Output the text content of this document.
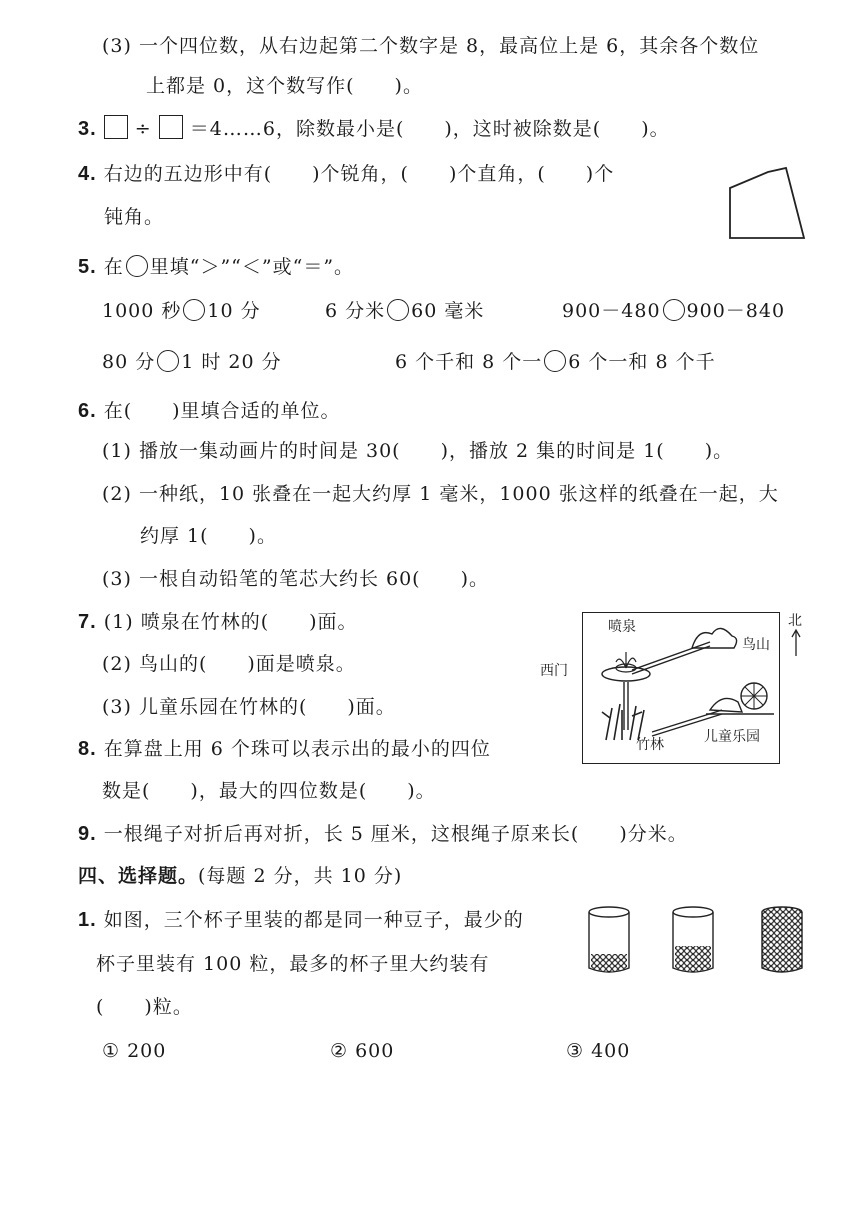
(3) 一个四位数，从右边起第二个数字是 8，最高位上是 6，其余各个数位
上都是 0，这个数写作(　　)。
3. ÷ ＝4……6，除数最小是(　　)，这时被除数是(　　)。
4. 右边的五边形中有(　　)个锐角，(　　)个直角，(　　)个
钝角。
5. 在 里填“＞”“＜”或“＝”。
1000 秒 10 分	6 分米 60 毫米	900－480 900－840
80 分 1 时 20 分	6 个千和 8 个一 6 个一和 8 个千
6. 在(　　)里填合适的单位。
(1) 播放一集动画片的时间是 30(　　)，播放 2 集的时间是 1(　　)。
(2) 一种纸，10 张叠在一起大约厚 1 毫米，1000 张这样的纸叠在一起，大
约厚 1(　　)。
(3) 一根自动铅笔的笔芯大约长 60(　　)。
7. (1) 喷泉在竹林的(　　)面。
(2) 鸟山的(　　)面是喷泉。
(3) 儿童乐园在竹林的(　　)面。
喷泉
鸟山
西门
竹林	儿童乐园
北
8. 在算盘上用 6 个珠可以表示出的最小的四位
数是(　　)，最大的四位数是(　　)。
9. 一根绳子对折后再对折，长 5 厘米，这根绳子原来长(　　)分米。
四、选择题。(每题 2 分，共 10 分)
1. 如图，三个杯子里装的都是同一种豆子，最少的
杯子里装有 100 粒，最多的杯子里大约装有
(　　)粒。
① 200	② 600	③ 400
